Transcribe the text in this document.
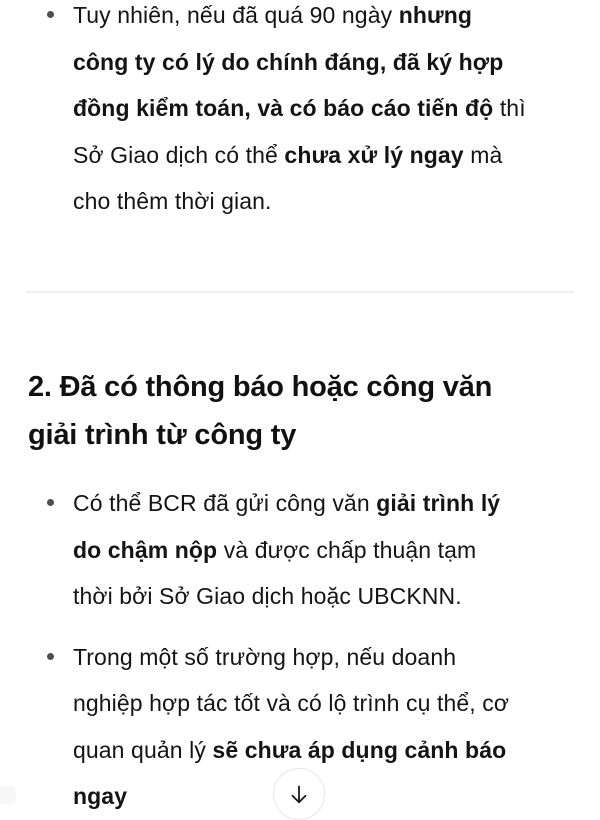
Tuy nhiên, nếu đã quá 90 ngày nhưng
công ty có lý do chính đáng, đã ký hợp
đồng kiểm toán, và có báo cáo tiến độ thì
Sở Giao dịch có thể chưa xử lý ngay mà
cho thêm thời gian.
2. Đã có thông báo hoặc công văn
giải trình từ công ty
Có thể BCR đã gửi công văn giải trình lý
do chậm nộp và được chấp thuận tạm
thời bởi Sở Giao dịch hoặc UBCKNN.
Trong một số trường hợp, nếu doanh
nghiệp hợp tác tốt và có lộ trình cụ thể, cơ
quan quản lý sẽ chưa áp dụng cảnh báo
ngay
